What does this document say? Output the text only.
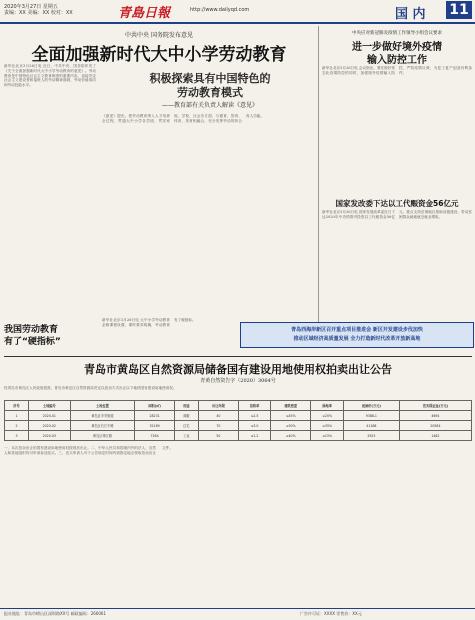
2020年3月27日 星期五
责编：XX 美编：XX 校对：XX	青島日報	http://www.dailyqd.com	国 内 11
中共中央 国务院发布意见
全面加强新时代大中小学劳动教育
新华社北京3月26日电 近日，中共中央、国务院印发了《关于全面加强新时代大中小学劳动教育的意见》。劳动教育是中国特色社会主义教育制度的重要内容，直接决定社会主义建设者和接班人的劳动精神面貌、劳动价值取向和劳动技能水平。
积极探索具有中国特色的
劳动教育模式
——教育部有关负责人解读《意见》
《意见》提出，把劳动教育纳入人才培养全过程，贯通大中小学各学段，贯穿家庭、学校、社会各方面，与德育、智育、体育、美育相融合，充分发挥劳动的综合育人功能。
中央应对新冠肺炎疫情工作领导小组会议要求
进一步做好境外疫情
输入防控工作
新华社北京3月26日电 会议指出，要在做好常态化疫情防控的同时，加强境外疫情输入防控，严防疫情反弹，为复工复产创造有利条件。
国家发改委下达以工代赈资金56亿元
新华社北京3月26日电 国家发展改革委近日下达2020年中央预算内投资以工代赈资金56亿元，重点支持贫困地区基础设施建设，带动贫困群众就地就近就业增收。
我国劳动教育
有了“硬指标”
新华社北京3月26日电 大中小学劳动教育必修课程设置、课时要求明确，劳动教育有了硬指标。
青岛西海岸新区召开重点项目推进会 新区开发建设步伐加快
推动区域经济高质量发展 全力打造新时代改革开放新高地
青岛市黄岛区自然资源局储备国有建设用地使用权拍卖出让公告
青黄自然资告字（2020）3064号
经青岛市黄岛区人民政府批准，青岛市黄岛区自然资源局决定以拍卖方式出让以下地块国有建设用地使用权。
序号	土地编号	土地位置	面积(㎡)	用途	出让年限	容积率	建筑密度	绿地率	起始价(万元)	竞买保证金(万元)
1	2020-01	黄岛区辛安街道	28231	商服	40	≤2.5	≤45%	≥20%	9388.1	4694
2	2020-02	黄岛区长江中路	32169	住宅	70	≤3.0	≤30%	≥35%	41168	20584
3	2020-03	黄岛区珠江路	7264	工业	50	≥1.2	≥40%	≤15%	2923	1462
一、本次拍卖出让的国有建设用地使用权按现状出让。二、中华人民共和国境内外的法人、自然人和其他组织均可申请参加竞买。三、竞买申请人可于公告规定时间内到指定地点领取拍卖出让文件。
报社地址：青岛市崂山区深圳路XX号 邮政编码：266061	广告许可证：XXXX 零售价：XX元
